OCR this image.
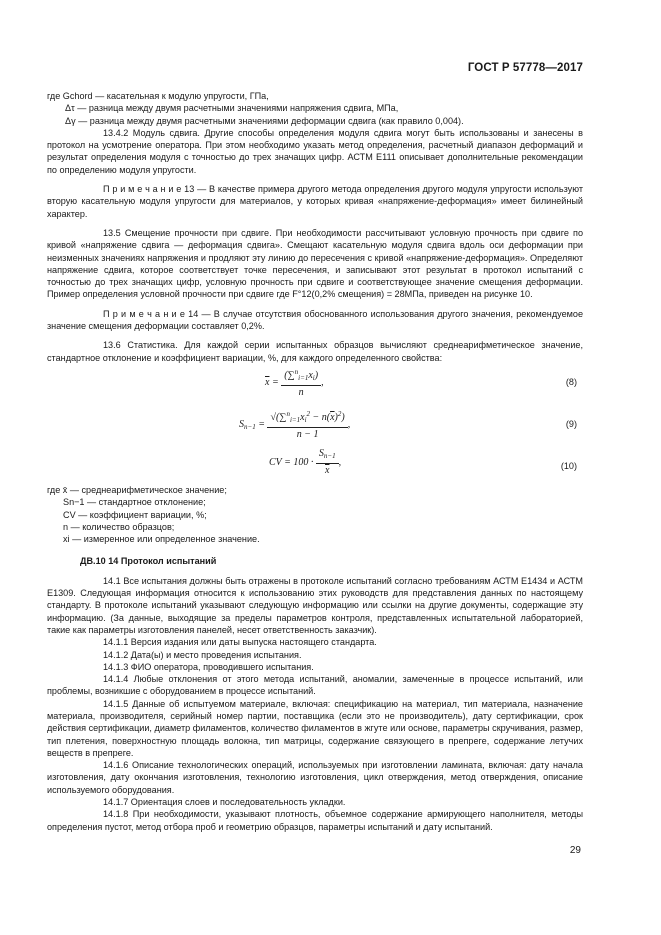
ГОСТ Р 57778—2017

где Gchord — касательная к модулю упругости, ГПа,

Δτ — разница между двумя расчетными значениями напряжения сдвига, МПа,

Δγ — разница между двумя расчетными значениями деформации сдвига (как правило 0,004).

13.4.2 Модуль сдвига. Другие способы определения модуля сдвига могут быть использованы и занесены в протокол на усмотрение оператора. При этом необходимо указать метод определения, расчетный диапазон деформаций и результат определения модуля с точностью до трех значащих цифр. АСТМ Е111 описывает дополнительные рекомендации по определению модуля упругости.

П р и м е ч а н и е 13 — В качестве примера другого метода определения другого модуля упругости используют вторую касательную модуля упругости для материалов, у которых кривая «напряжение-деформация» имеет билинейный характер.

13.5 Смещение прочности при сдвиге. При необходимости рассчитывают условную прочность при сдвиге по кривой «напряжение сдвига — деформация сдвига». Смещают касательную модуля сдвига вдоль оси деформации при неизменных значениях напряжения и продляют эту линию до пересечения с кривой «напряжение-деформация». Определяют напряжение сдвига, которое соответствует точке пересечения, и записывают этот результат в протокол испытаний с точностью до трех значащих цифр, условную прочность при сдвиге и соответствующее значение смещения деформации. Пример определения условной прочности при сдвиге где F°12(0,2% смещения) = 28МПа, приведен на рисунке 10.

П р и м е ч а н и е 14 — В случае отсутствия обоснованного использования другого значения, рекомендуемое значение смещения деформации составляет 0,2%.

13.6 Статистика. Для каждой серии испытанных образцов вычисляют среднеарифметическое значение, стандартное отклонение и коэффициент вариации, %, для каждого определенного свойства:

$\overline{x} = \frac{(\sum^n_{i=1}x_i)}{n}$ ,	(8)
$S_{n-1} = \frac{√(\sum^n_{i=1}x_i^2 - n(\overline{x})^2)}{n - 1}$ ,	(9)
CV = $100 \cdot \frac{S_{n-1}}{x}$ ,	(10)

где x̄ — среднеарифметическое значение;

Sn−1 — стандартное отклонение;

CV — коэффициент вариации, %;

n — количество образцов;

xi — измеренное или определенное значение.

ДВ.10 14 Протокол испытаний

14.1 Все испытания должны быть отражены в протоколе испытаний согласно требованиям АСТМ Е1434 и АСТМ Е1309. Следующая информация относится к использованию этих руководств для представления данных по настоящему стандарту. В протоколе испытаний указывают следующую информацию или ссылки на другие документы, содержащие эту информацию. (За данные, выходящие за пределы параметров контроля, представленных испытательной лабораторией, такие как параметры изготовления панелей, несет ответственность заказчик).

14.1.1 Версия издания или даты выпуска настоящего стандарта.

14.1.2 Дата(ы) и место проведения испытания.

14.1.3 ФИО оператора, проводившего испытания.

14.1.4 Любые отклонения от этого метода испытаний, аномалии, замеченные в процессе испытаний, или проблемы, возникшие с оборудованием в процессе испытаний.

14.1.5 Данные об испытуемом материале, включая: спецификацию на материал, тип материала, назначение материала, производителя, серийный номер партии, поставщика (если это не производитель), дату сертификации, срок действия сертификации, диаметр филаментов, количество филаментов в жгуте или основе, параметры скручивания, размер, тип плетения, поверхностную площадь волокна, тип матрицы, содержание связующего в препреге, содержание летучих веществ в препреге.

14.1.6 Описание технологических операций, используемых при изготовлении ламината, включая: дату начала изготовления, дату окончания изготовления, технологию изготовления, цикл отверждения, метод отверждения, описание используемого оборудования.

14.1.7 Ориентация слоев и последовательность укладки.

14.1.8 При необходимости, указывают плотность, объемное содержание армирующего наполнителя, методы определения пустот, метод отбора проб и геометрию образцов, параметры испытаний и дату испытаний.

29
